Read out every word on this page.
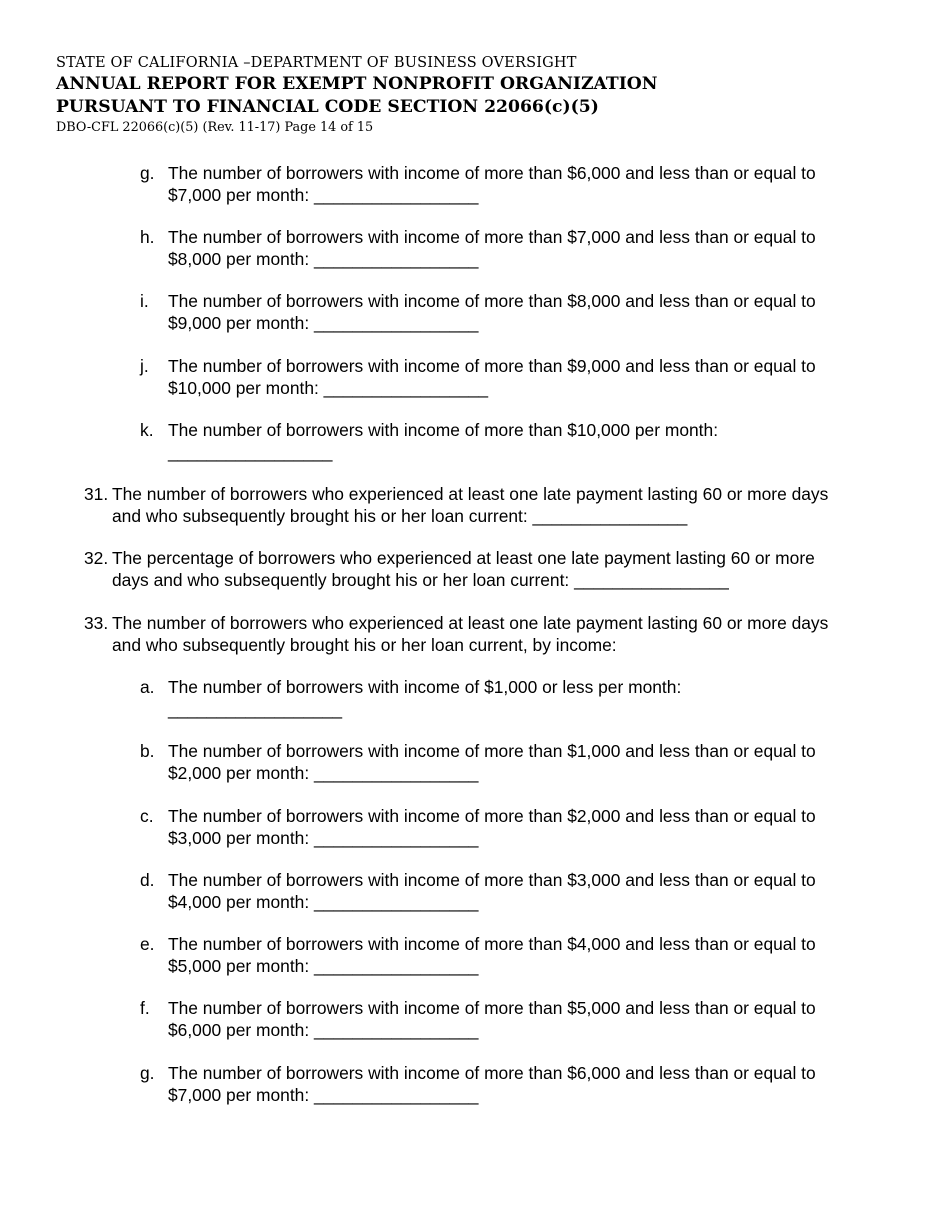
STATE OF CALIFORNIA –DEPARTMENT OF BUSINESS OVERSIGHT
ANNUAL REPORT FOR EXEMPT NONPROFIT ORGANIZATION
PURSUANT TO FINANCIAL CODE SECTION 22066(c)(5)
DBO-CFL 22066(c)(5) (Rev. 11-17) Page 14 of 15
g. The number of borrowers with income of more than $6,000 and less than or equal to
$7,000 per month: _________________
h. The number of borrowers with income of more than $7,000 and less than or equal to
$8,000 per month: _________________
i. The number of borrowers with income of more than $8,000 and less than or equal to
$9,000 per month: _________________
j. The number of borrowers with income of more than $9,000 and less than or equal to
$10,000 per month: _________________
k. The number of borrowers with income of more than $10,000 per month:
_________________
31. The number of borrowers who experienced at least one late payment lasting 60 or more days
and who subsequently brought his or her loan current: ________________
32. The percentage of borrowers who experienced at least one late payment lasting 60 or more
days and who subsequently brought his or her loan current: ________________
33. The number of borrowers who experienced at least one late payment lasting 60 or more days
and who subsequently brought his or her loan current, by income:
a. The number of borrowers with income of $1,000 or less per month:
__________________
b. The number of borrowers with income of more than $1,000 and less than or equal to
$2,000 per month: _________________
c. The number of borrowers with income of more than $2,000 and less than or equal to
$3,000 per month: _________________
d. The number of borrowers with income of more than $3,000 and less than or equal to
$4,000 per month: _________________
e. The number of borrowers with income of more than $4,000 and less than or equal to
$5,000 per month: _________________
f. The number of borrowers with income of more than $5,000 and less than or equal to
$6,000 per month: _________________
g. The number of borrowers with income of more than $6,000 and less than or equal to
$7,000 per month: _________________
